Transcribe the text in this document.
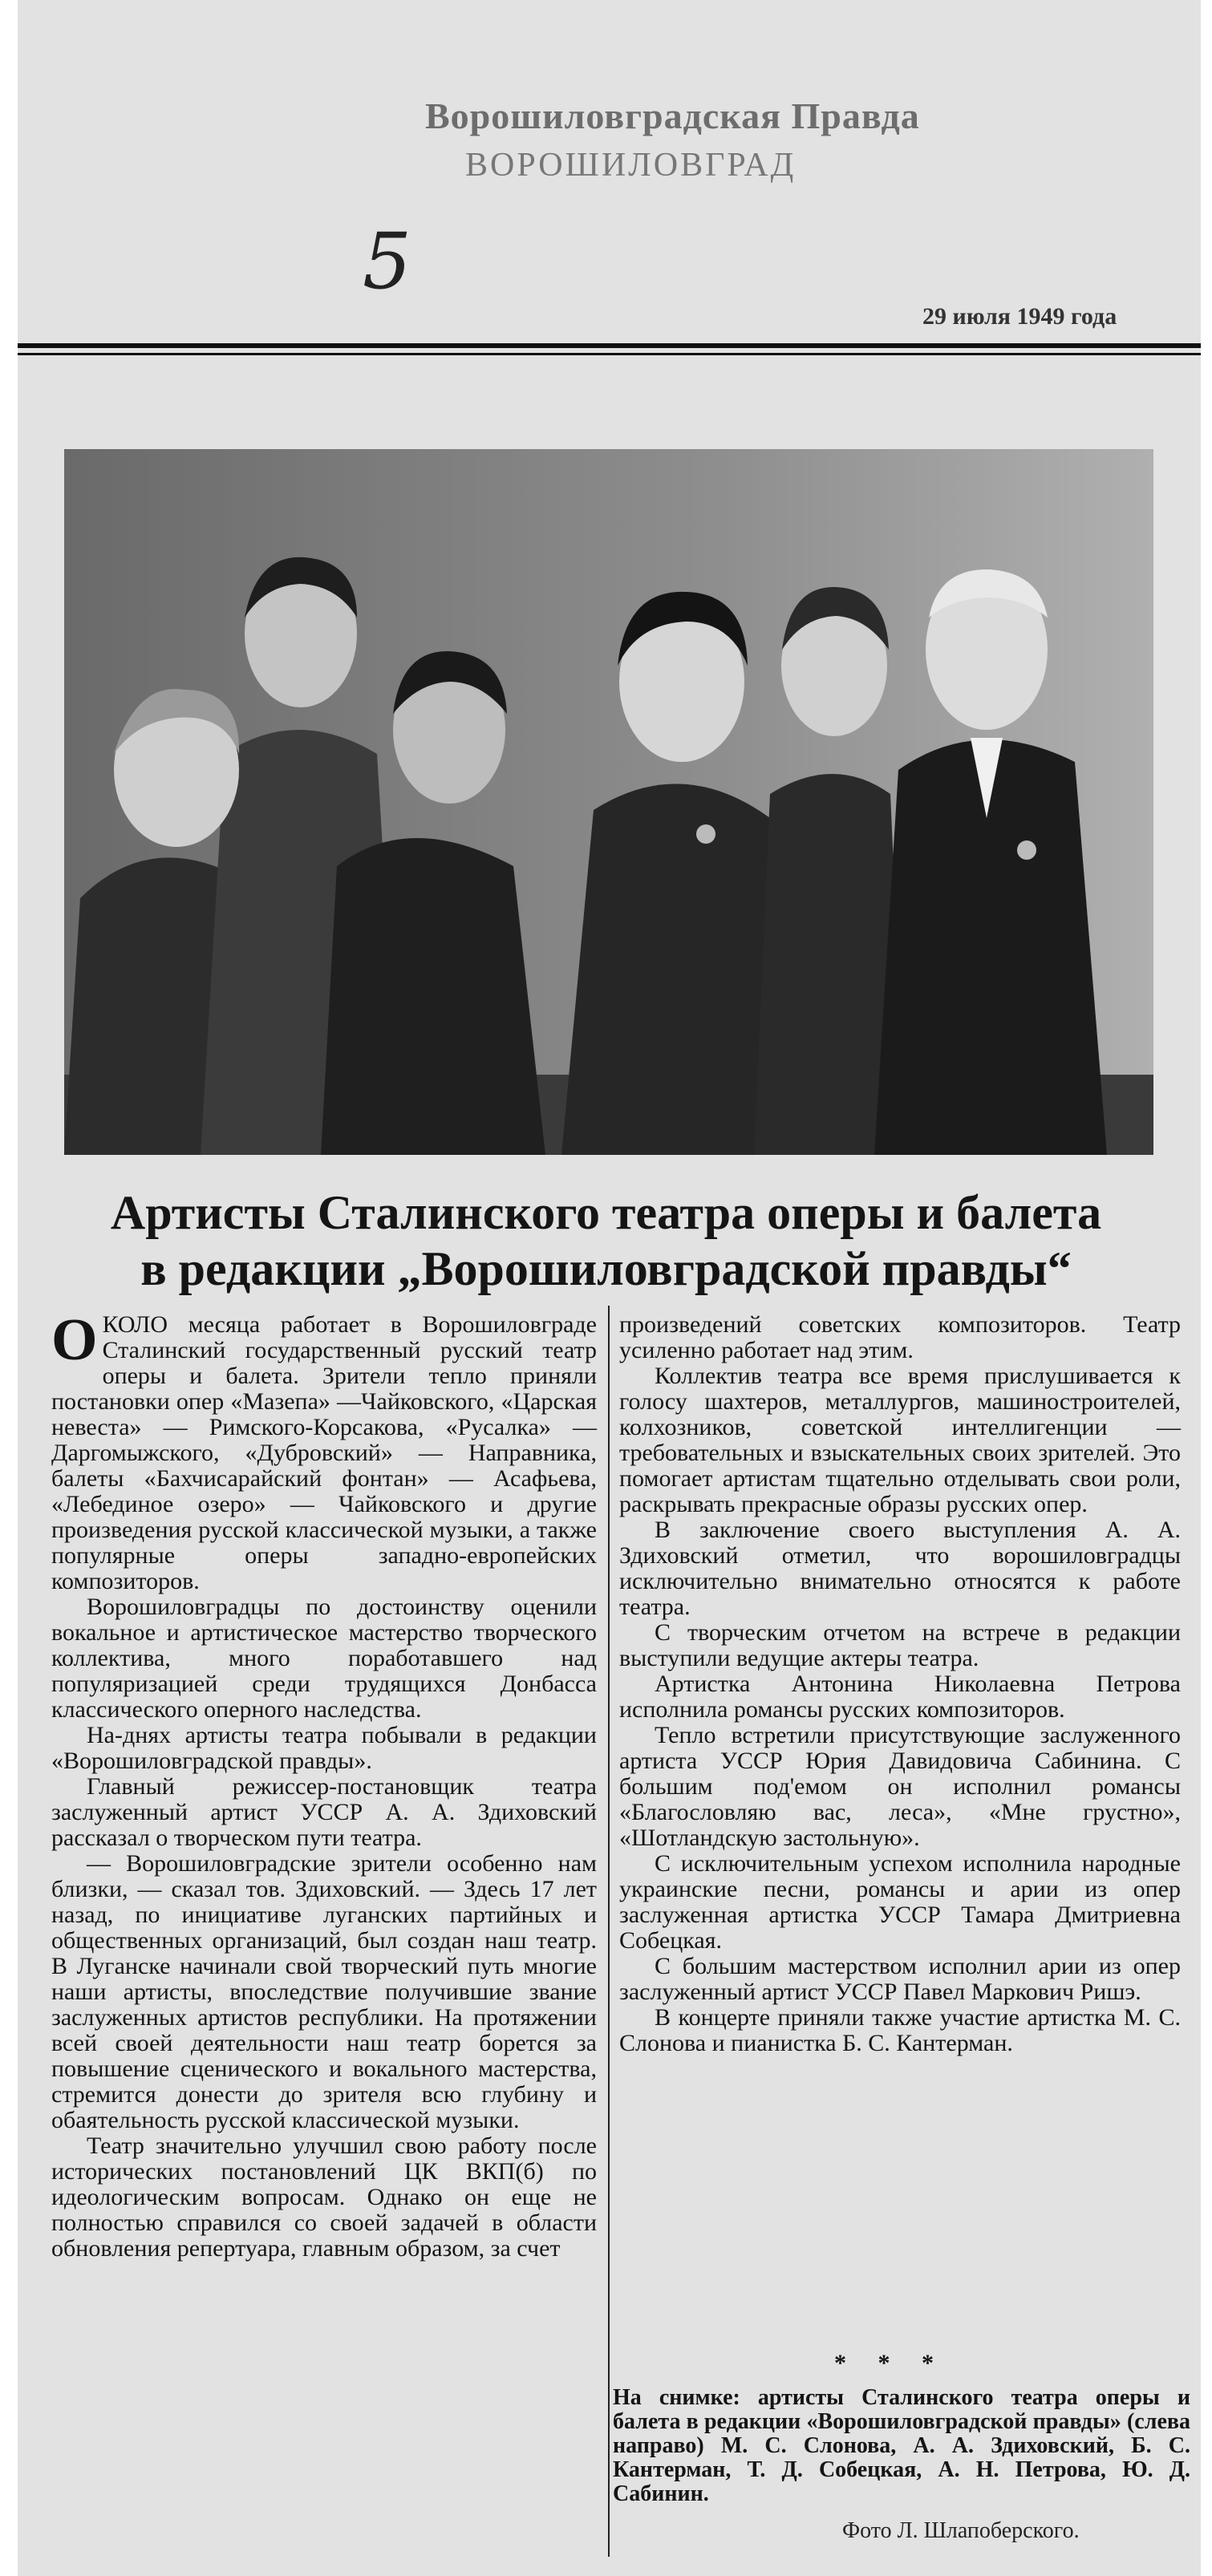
Ворошиловградская Правда
ВОРОШИЛОВГРАД
5
29 июля 1949 года
Артисты Сталинского театра оперы и балета
в редакции „Ворошиловградской правды“

ОКОЛО месяца работает в Ворошиловграде Сталинский государственный русский театр оперы и балета. Зрители тепло приняли постановки опер «Мазепа» —Чайковского, «Царская невеста» — Римского-Корсакова, «Русалка» — Даргомыжского, «Дубровский» — Направника, балеты «Бахчисарайский фонтан» — Асафьева, «Лебединое озеро» — Чайковского и другие произведения русской классической музыки, а также популярные оперы западно-европейских композиторов.

Ворошиловградцы по достоинству оценили вокальное и артистическое мастерство творческого коллектива, много поработавшего над популяризацией среди трудящихся Донбасса классического оперного наследства.

На-днях артисты театра побывали в редакции «Ворошиловградской правды».

Главный режиссер-постановщик театра заслуженный артист УССР А. А. Здиховский рассказал о творческом пути театра.

— Ворошиловградские зрители особенно нам близки, — сказал тов. Здиховский. — Здесь 17 лет назад, по инициативе луганских партийных и общественных организаций, был создан наш театр. В Луганске начинали свой творческий путь многие наши артисты, впоследствие получившие звание заслуженных артистов республики. На протяжении всей своей деятельности наш театр борется за повышение сценического и вокального мастерства, стремится донести до зрителя всю глубину и обаятельность русской классической музыки.

Театр значительно улучшил свою работу после исторических постановлений ЦК ВКП(б) по идеологическим вопросам. Однако он еще не полностью справился со своей задачей в области обновления репертуара, главным образом, за счет

произведений советских композиторов. Театр усиленно работает над этим.

Коллектив театра все время прислушивается к голосу шахтеров, металлургов, машиностроителей, колхозников, советской интеллигенции — требовательных и взыскательных своих зрителей. Это помогает артистам тщательно отделывать свои роли, раскрывать прекрасные образы русских опер.

В заключение своего выступления А. А. Здиховский отметил, что ворошиловградцы исключительно внимательно относятся к работе театра.

С творческим отчетом на встрече в редакции выступили ведущие актеры театра.

Артистка Антонина Николаевна Петрова исполнила романсы русских композиторов.

Тепло встретили присутствующие заслуженного артиста УССР Юрия Давидовича Сабинина. С большим под'емом он исполнил романсы «Благословляю вас, леса», «Мне грустно», «Шотландскую застольную».

С исключительным успехом исполнила народные украинские песни, романсы и арии из опер заслуженная артистка УССР Тамара Дмитриевна Собецкая.

С большим мастерством исполнил арии из опер заслуженный артист УССР Павел Маркович Ришэ.

В концерте приняли также участие артистка М. С. Слонова и пианистка Б. С. Кантерман.

* * *
На снимке: артисты Сталинского театра оперы и балета в редакции «Ворошиловградской правды» (слева направо) М. С. Слонова, А. А. Здиховский, Б. С. Кантерман, Т. Д. Собецкая, А. Н. Петрова, Ю. Д. Сабинин.
Фото Л. Шлапоберского.
